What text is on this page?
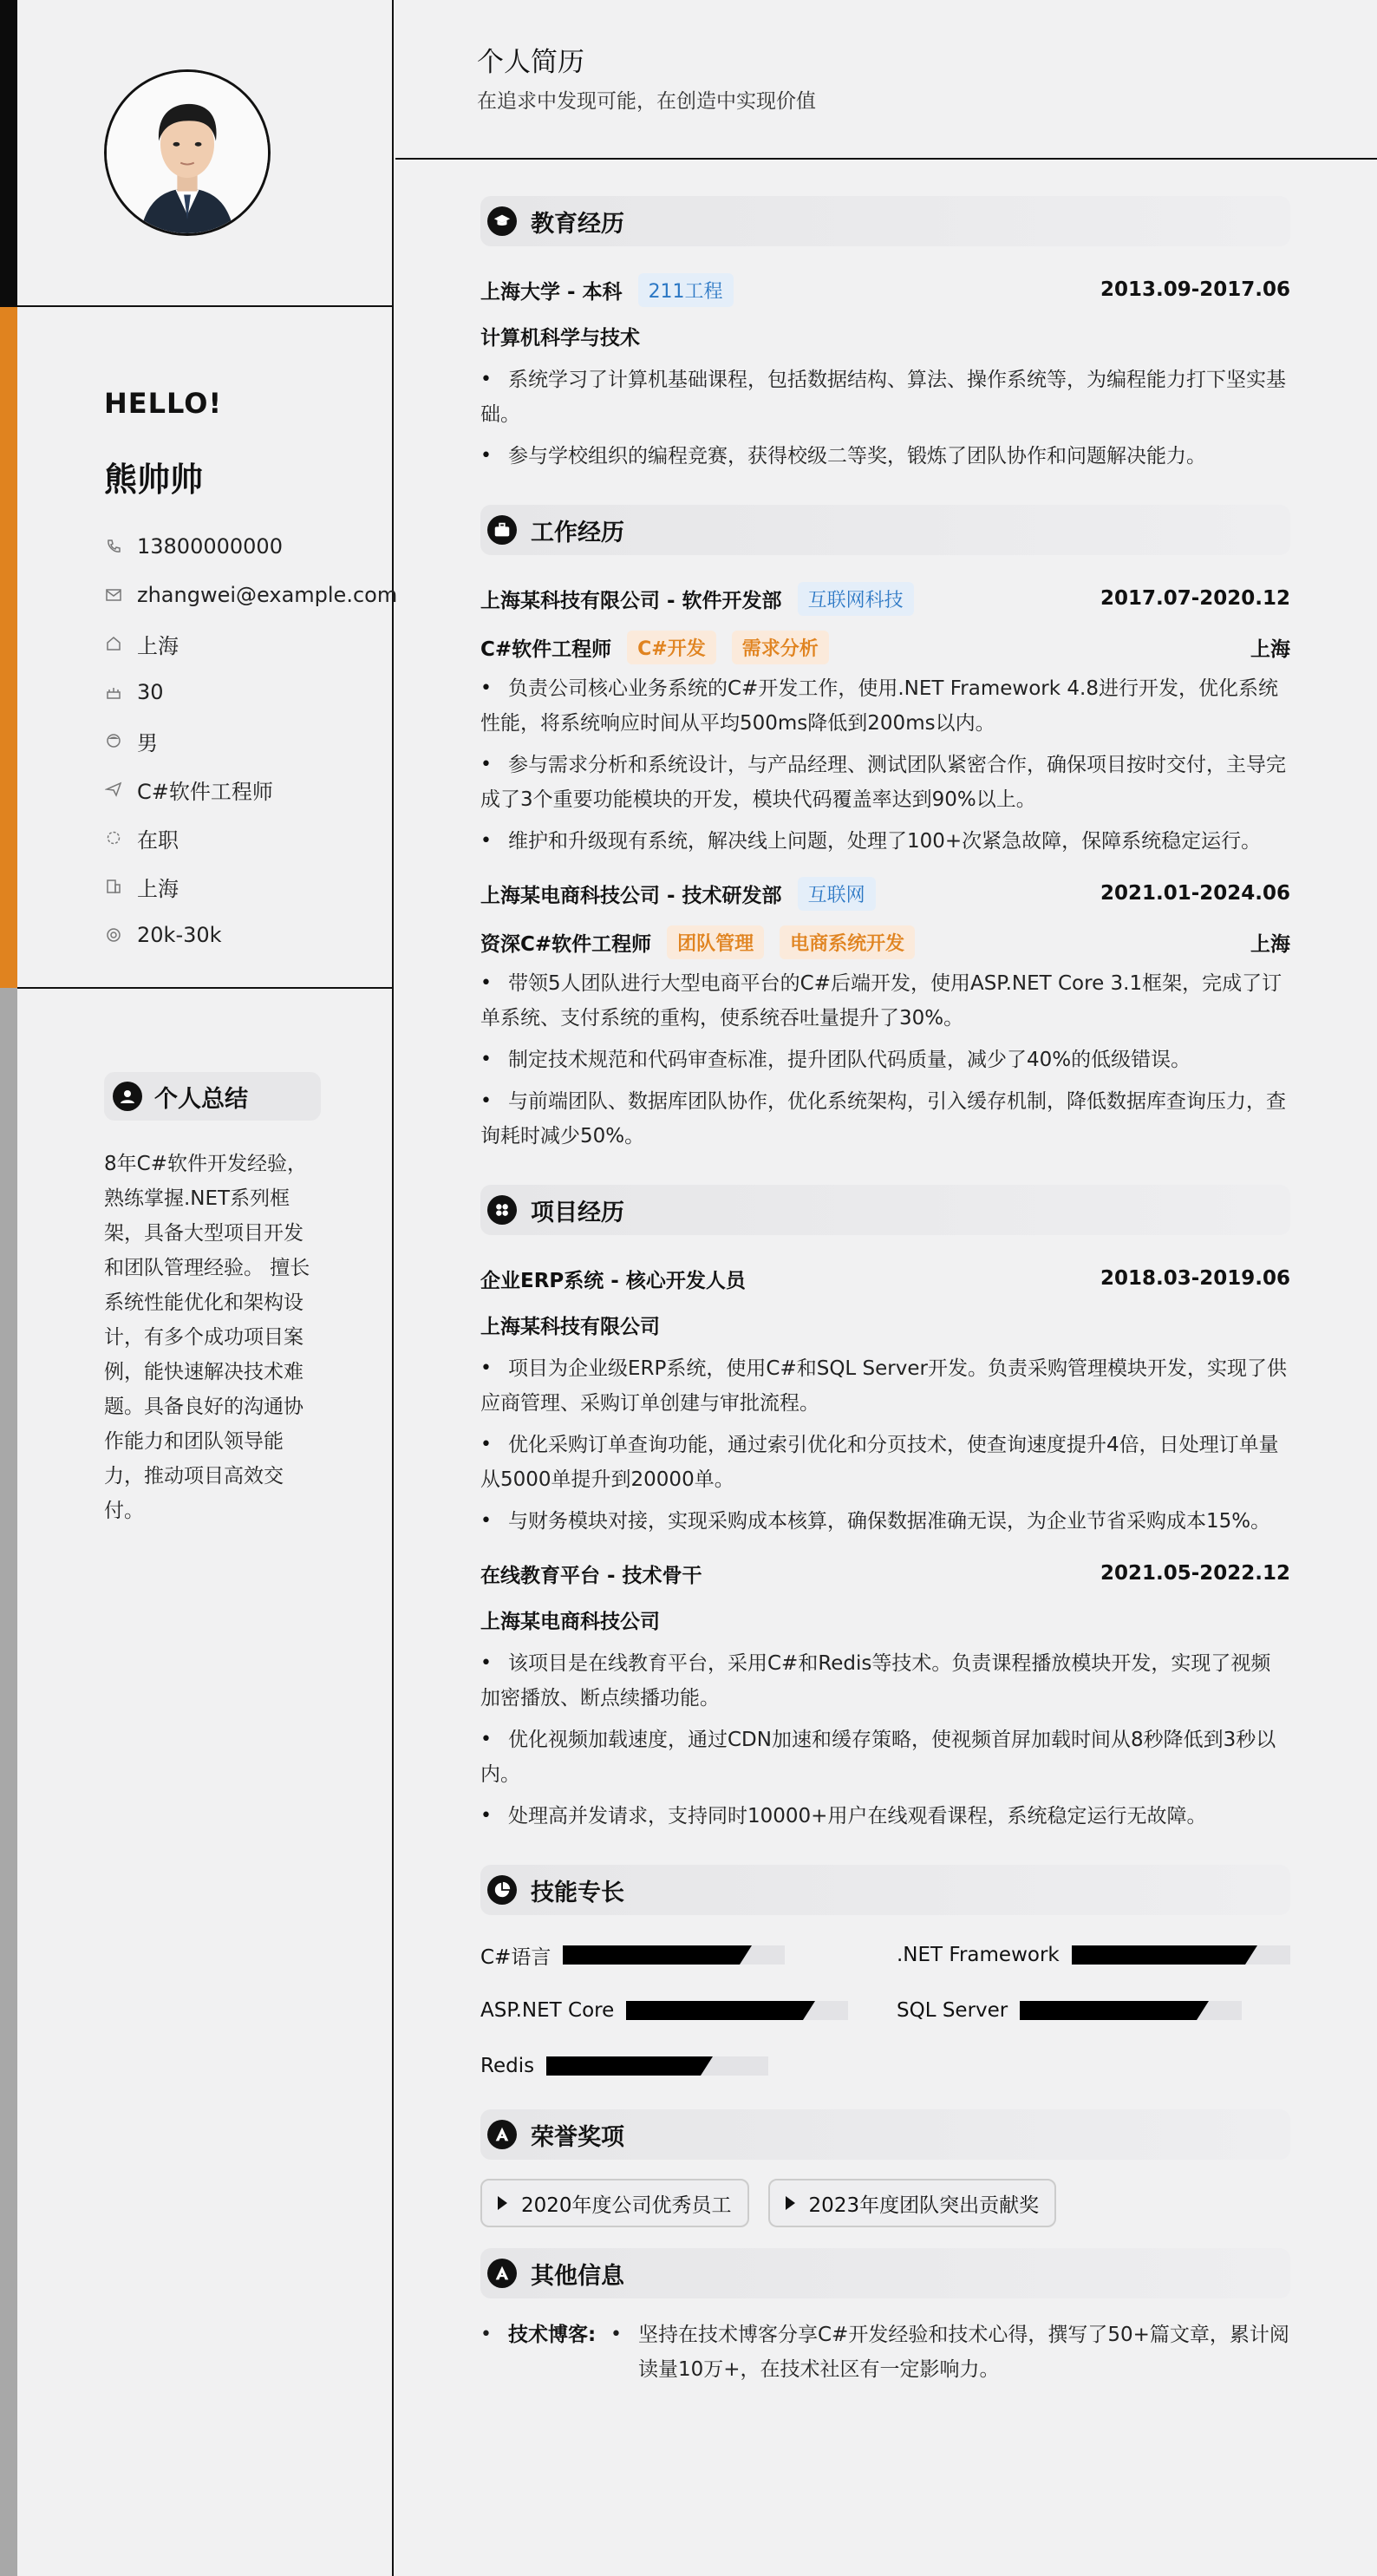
HELLO!
熊帅帅
13800000000
zhangwei@example.com
上海
30
男
C#软件工程师
在职
上海
20k-30k
个人总结
8年C#软件开发经验，熟练掌握.NET系列框架，具备大型项目开发和团队管理经验。 擅长系统性能优化和架构设计，有多个成功项目案例，能快速解决技术难题。具备良好的沟通协作能力和团队领导能力，推动项目高效交付。
个人简历
在追求中发现可能，在创造中实现价值
教育经历
上海大学 - 本科	211工程	2013.09-2017.06
计算机科学与技术
• 系统学习了计算机基础课程，包括数据结构、算法、操作系统等，为编程能力打下坚实基础。
• 参与学校组织的编程竞赛，获得校级二等奖，锻炼了团队协作和问题解决能力。
工作经历
上海某科技有限公司 - 软件开发部	互联网科技	2017.07-2020.12
C#软件工程师	C#开发	需求分析	上海
• 负责公司核心业务系统的C#开发工作，使用.NET Framework 4.8进行开发，优化系统性能，将系统响应时间从平均500ms降低到200ms以内。
• 参与需求分析和系统设计，与产品经理、测试团队紧密合作，确保项目按时交付，主导完成了3个重要功能模块的开发，模块代码覆盖率达到90%以上。
• 维护和升级现有系统，解决线上问题，处理了100+次紧急故障，保障系统稳定运行。
上海某电商科技公司 - 技术研发部	互联网	2021.01-2024.06
资深C#软件工程师	团队管理	电商系统开发	上海
• 带领5人团队进行大型电商平台的C#后端开发，使用ASP.NET Core 3.1框架，完成了订单系统、支付系统的重构，使系统吞吐量提升了30%。
• 制定技术规范和代码审查标准，提升团队代码质量，减少了40%的低级错误。
• 与前端团队、数据库团队协作，优化系统架构，引入缓存机制，降低数据库查询压力，查询耗时减少50%。
项目经历
企业ERP系统 - 核心开发人员	2018.03-2019.06
上海某科技有限公司
• 项目为企业级ERP系统，使用C#和SQL Server开发。负责采购管理模块开发，实现了供应商管理、采购订单创建与审批流程。
• 优化采购订单查询功能，通过索引优化和分页技术，使查询速度提升4倍，日处理订单量从5000单提升到20000单。
• 与财务模块对接，实现采购成本核算，确保数据准确无误，为企业节省采购成本15%。
在线教育平台 - 技术骨干	2021.05-2022.12
上海某电商科技公司
• 该项目是在线教育平台，采用C#和Redis等技术。负责课程播放模块开发，实现了视频加密播放、断点续播功能。
• 优化视频加载速度，通过CDN加速和缓存策略，使视频首屏加载时间从8秒降低到3秒以内。
• 处理高并发请求，支持同时10000+用户在线观看课程，系统稳定运行无故障。
技能专长
C#语言	.NET Framework
ASP.NET Core	SQL Server
Redis
荣誉奖项
2020年度公司优秀员工	2023年度团队突出贡献奖
其他信息
• 技术博客: • 坚持在技术博客分享C#开发经验和技术心得，撰写了50+篇文章，累计阅读量10万+，在技术社区有一定影响力。
